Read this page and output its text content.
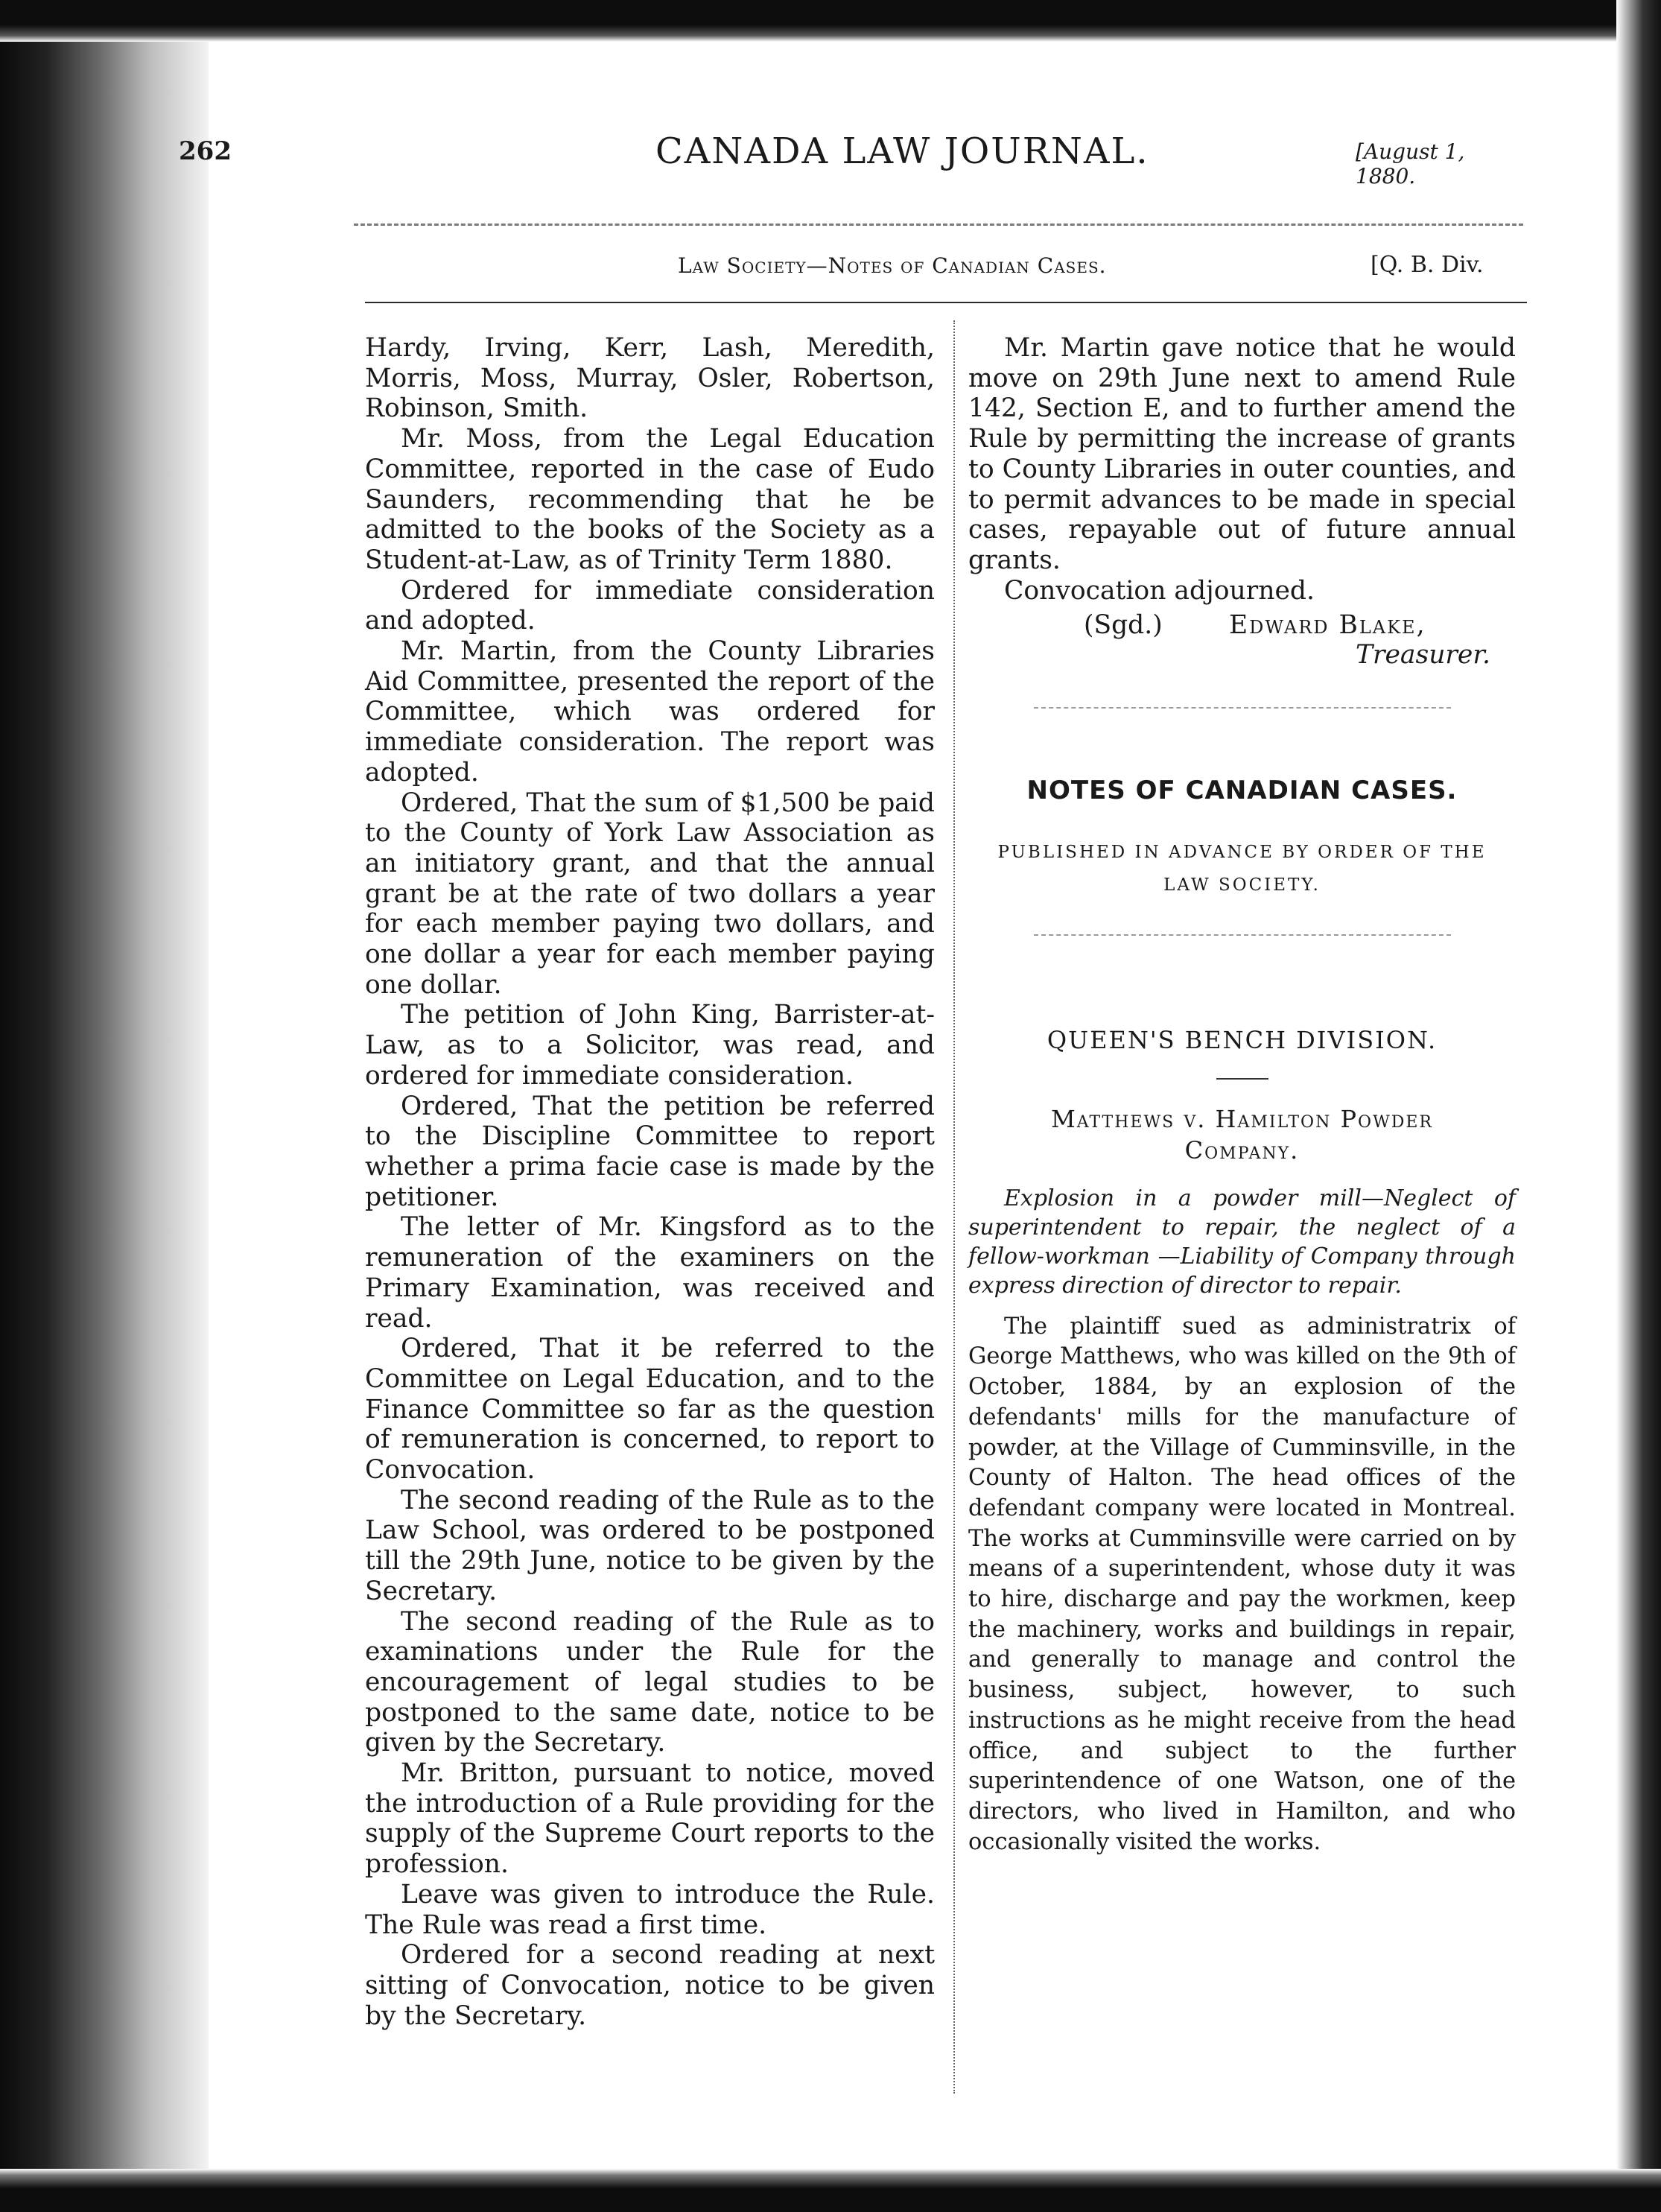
262	CANADA LAW JOURNAL.	[August 1, 1880.
Law Society—Notes of Canadian Cases.	[Q. B. Div.

Hardy, Irving, Kerr, Lash, Meredith, Morris, Moss, Murray, Osler, Robertson, Robinson, Smith.

Mr. Moss, from the Legal Education Committee, reported in the case of Eudo Saunders, recommending that he be admitted to the books of the Society as a Student-at-Law, as of Trinity Term 1880.

Ordered for immediate consideration and adopted.

Mr. Martin, from the County Libraries Aid Committee, presented the report of the Committee, which was ordered for immediate consideration. The report was adopted.

Ordered, That the sum of $1,500 be paid to the County of York Law Association as an initiatory grant, and that the annual grant be at the rate of two dollars a year for each member paying two dollars, and one dollar a year for each member paying one dollar.

The petition of John King, Barrister-at-Law, as to a Solicitor, was read, and ordered for immediate consideration.

Ordered, That the petition be referred to the Discipline Committee to report whether a prima facie case is made by the petitioner.

The letter of Mr. Kingsford as to the remuneration of the examiners on the Primary Examination, was received and read.

Ordered, That it be referred to the Committee on Legal Education, and to the Finance Committee so far as the question of remuneration is concerned, to report to Convocation.

The second reading of the Rule as to the Law School, was ordered to be postponed till the 29th June, notice to be given by the Secretary.

The second reading of the Rule as to examinations under the Rule for the encouragement of legal studies to be postponed to the same date, notice to be given by the Secretary.

Mr. Britton, pursuant to notice, moved the introduction of a Rule providing for the supply of the Supreme Court reports to the profession.

Leave was given to introduce the Rule. The Rule was read a first time.

Ordered for a second reading at next sitting of Convocation, notice to be given by the Secretary.

Mr. Martin gave notice that he would move on 29th June next to amend Rule 142, Section E, and to further amend the Rule by permitting the increase of grants to County Libraries in outer counties, and to permit advances to be made in special cases, repayable out of future annual grants.

Convocation adjourned.

(Sgd.)	Edward Blake,
Treasurer.
NOTES OF CANADIAN CASES.
PUBLISHED IN ADVANCE BY ORDER OF THE
LAW SOCIETY.
QUEEN'S BENCH DIVISION.
Matthews v. Hamilton Powder
Company.

Explosion in a powder mill—Neglect of superintendent to repair, the neglect of a fellow-workman —Liability of Company through express direction of director to repair.

The plaintiff sued as administratrix of George Matthews, who was killed on the 9th of October, 1884, by an explosion of the defendants' mills for the manufacture of powder, at the Village of Cumminsville, in the County of Halton. The head offices of the defendant company were located in Montreal. The works at Cumminsville were carried on by means of a superintendent, whose duty it was to hire, discharge and pay the workmen, keep the machinery, works and buildings in repair, and generally to manage and control the business, subject, however, to such instructions as he might receive from the head office, and subject to the further superintendence of one Watson, one of the directors, who lived in Hamilton, and who occasionally visited the works.
